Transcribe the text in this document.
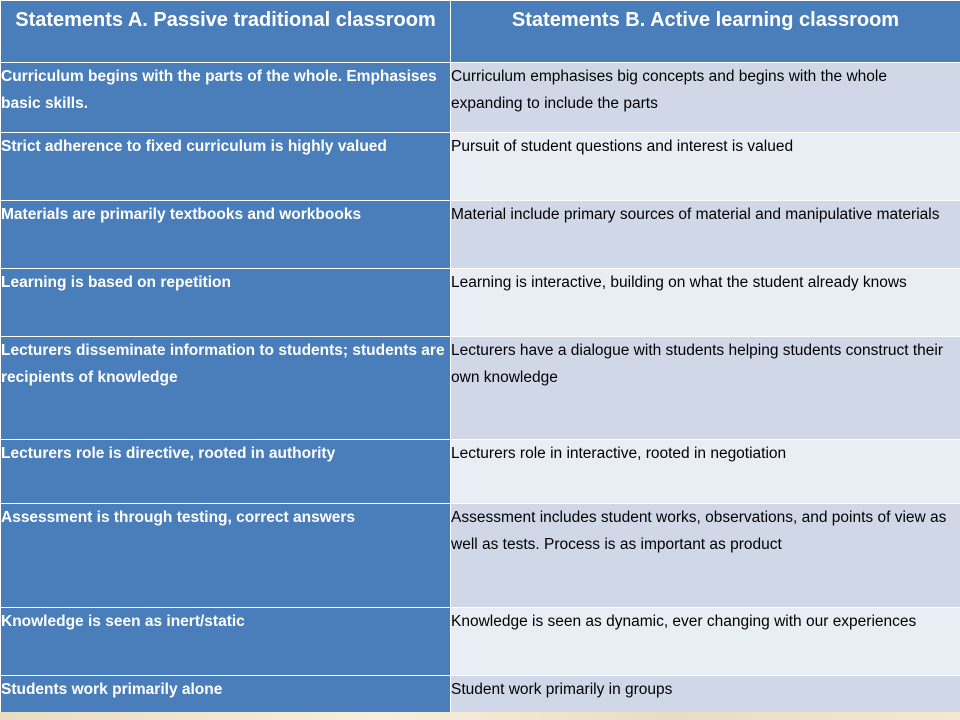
Statements A. Passive traditional classroom	Statements B. Active learning classroom
Curriculum begins with the parts of the whole. Emphasises basic skills.	Curriculum emphasises big concepts and begins with the whole expanding to include the parts
Strict adherence to fixed curriculum is highly valued	Pursuit of student questions and interest is valued
Materials are primarily textbooks and workbooks	Material include primary sources of material and manipulative materials
Learning is based on repetition	Learning is interactive, building on what the student already knows
Lecturers disseminate information to students; students are recipients of knowledge	Lecturers have a dialogue with students helping students construct their own knowledge
Lecturers role is directive, rooted in authority	Lecturers role in interactive, rooted in negotiation
Assessment is through testing, correct answers	Assessment includes student works, observations, and points of view as well as tests. Process is as important as product
Knowledge is seen as inert/static	Knowledge is seen as dynamic, ever changing with our experiences
Students work primarily alone	Student work primarily in groups
